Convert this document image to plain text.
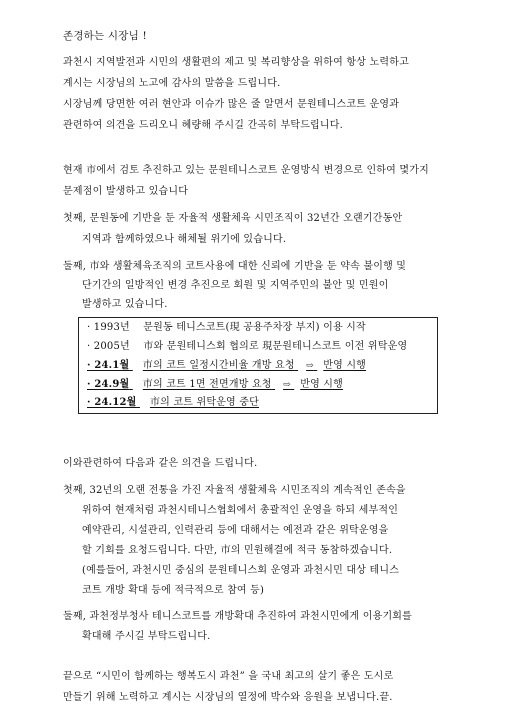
존경하는 시장님 !
과천시 지역발전과 시민의 생활편의 제고 및 복리향상을 위하여 항상 노력하고
계시는 시장님의 노고에 감사의 말씀을 드립니다.
시장님께 당면한 여러 현안과 이슈가 많은 줄 알면서 문원테니스코트 운영과
관련하여 의견을 드리오니 혜량해 주시길 간곡히 부탁드립니다.
현재 市에서 검토 추진하고 있는 문원테니스코트 운영방식 변경으로 인하여 몇가지
문제점이 발생하고 있습니다
첫째, 문원동에 기반을 둔 자율적 생활체육 시민조직이 32년간 오랜기간동안
지역과 함께하였으나 해체될 위기에 있습니다.
둘째, 市와 생활체육조직의 코트사용에 대한 신뢰에 기반을 둔 약속 불이행 및
단기간의 일방적인 변경 추진으로 회원 및 지역주민의 불안 및 민원이
발생하고 있습니다.
· 1993년 문원동 테니스코트(現 공용주차장 부지) 이용 시작
· 2005년 市와 문원테니스회 협의로 現문원테니스코트 이전 위탁운영
· 24.1월 市의 코트 일정시간비율 개방 요청 ⇨ 반영 시행
· 24.9월 市의 코트 1면 전면개방 요청 ⇨ 반영 시행
· 24.12월 市의 코트 위탁운영 중단
이와관련하여 다음과 같은 의견을 드립니다.
첫째, 32년의 오랜 전통을 가진 자율적 생활체육 시민조직의 계속적인 존속을
위하여 현재처럼 과천시테니스협회에서 총괄적인 운영을 하되 세부적인
예약관리, 시설관리, 인력관리 등에 대해서는 예전과 같은 위탁운영을
할 기회를 요청드립니다. 다만, 市의 민원해결에 적극 동참하겠습니다.
(예를들어, 과천시민 중심의 문원테니스회 운영과 과천시민 대상 테니스
코트 개방 확대 등에 적극적으로 참여 등)
둘째, 과천정부청사 테니스코트를 개방확대 추진하여 과천시민에게 이용기회를
확대해 주시길 부탁드립니다.
끝으로 “시민이 함께하는 행복도시 과천” 을 국내 최고의 살기 좋은 도시로
만들기 위해 노력하고 계시는 시장님의 열정에 박수와 응원을 보냅니다.끝.
